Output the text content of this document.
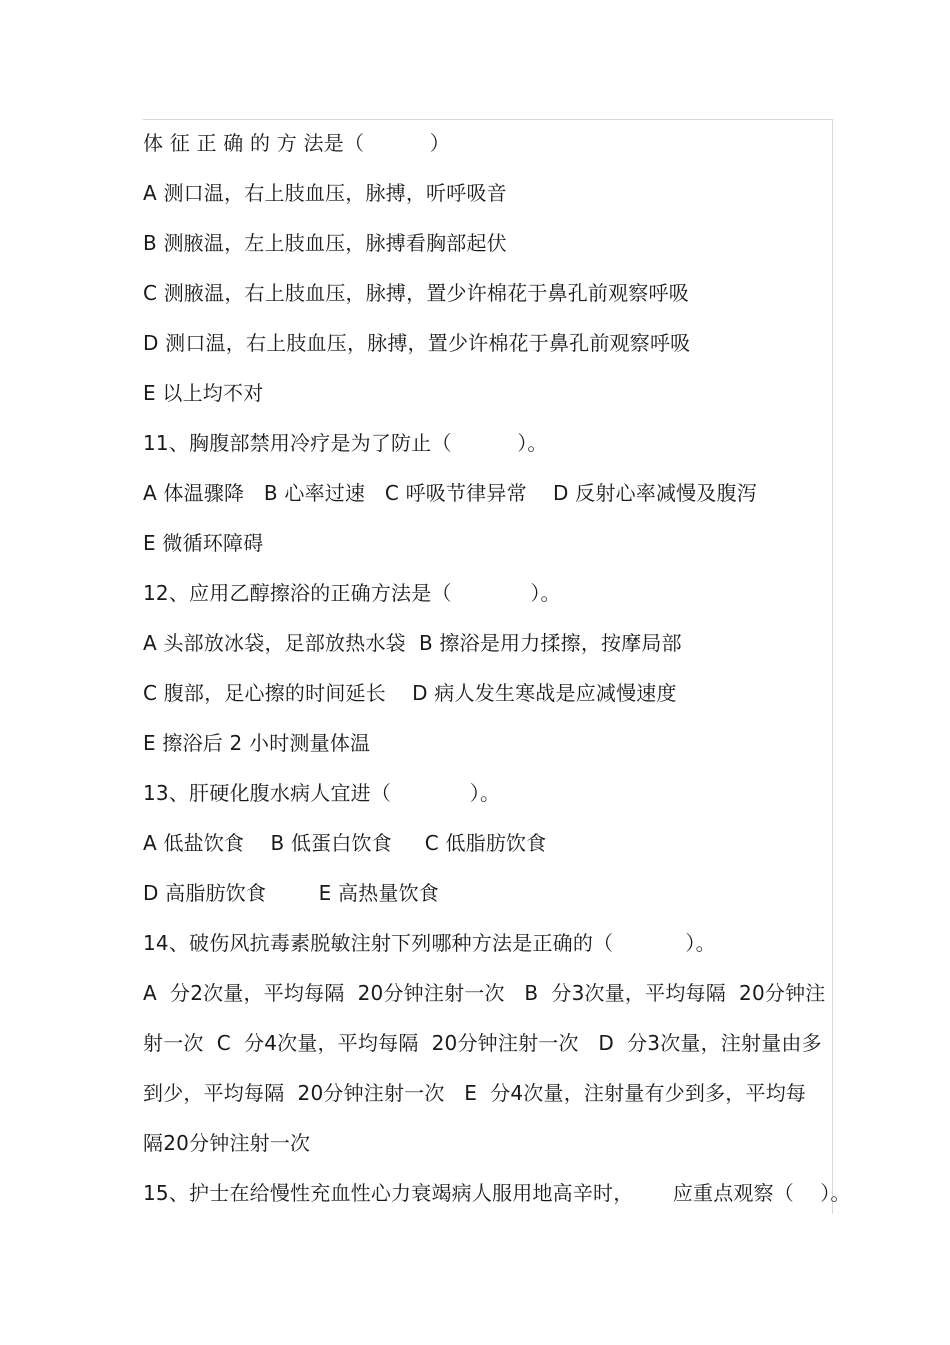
体 征 正 确 的 方 法是（          ）
A 测口温，右上肢血压，脉搏，听呼吸音
B 测腋温，左上肢血压，脉搏看胸部起伏
C 测腋温，右上肢血压，脉搏，置少许棉花于鼻孔前观察呼吸
D 测口温，右上肢血压，脉搏，置少许棉花于鼻孔前观察呼吸
E 以上均不对
11、胸腹部禁用冷疗是为了防止（          ）。
A 体温骤降   B 心率过速   C 呼吸节律异常    D 反射心率减慢及腹泻
E 微循环障碍
12、应用乙醇擦浴的正确方法是（            ）。
A 头部放冰袋，足部放热水袋  B 擦浴是用力揉擦，按摩局部
C 腹部，足心擦的时间延长    D 病人发生寒战是应减慢速度
E 擦浴后 2 小时测量体温
13、肝硬化腹水病人宜进（            ）。
A 低盐饮食    B 低蛋白饮食     C 低脂肪饮食
D 高脂肪饮食        E 高热量饮食
14、破伤风抗毒素脱敏注射下列哪种方法是正确的（           ）。
A  分2次量，平均每隔  20分钟注射一次   B  分3次量，平均每隔  20分钟注
射一次  C  分4次量，平均每隔  20分钟注射一次   D  分3次量，注射量由多
到少，平均每隔  20分钟注射一次   E  分4次量，注射量有少到多，平均每
隔20分钟注射一次
15、护士在给慢性充血性心力衰竭病人服用地高辛时，      应重点观察（    ）。
